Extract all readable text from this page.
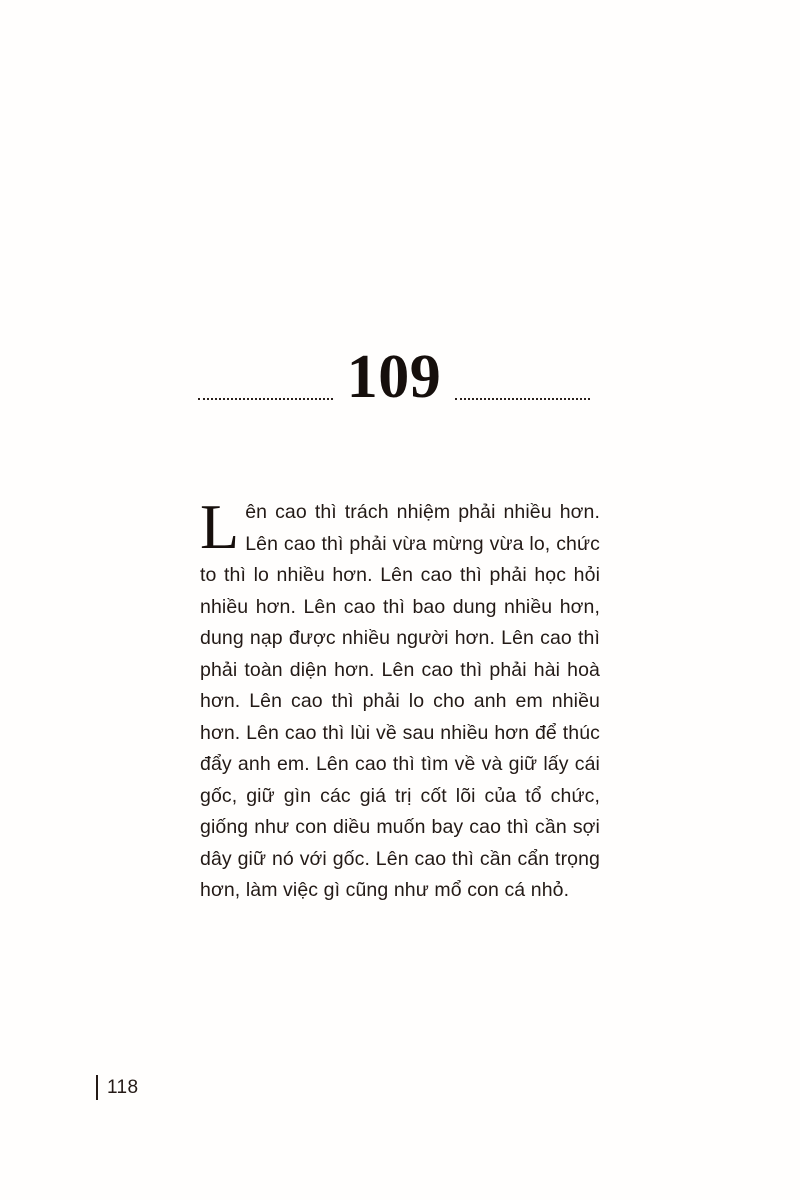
109
Lên cao thì trách nhiệm phải nhiều hơn. Lên cao thì phải vừa mừng vừa lo, chức to thì lo nhiều hơn. Lên cao thì phải học hỏi nhiều hơn. Lên cao thì bao dung nhiều hơn, dung nạp được nhiều người hơn. Lên cao thì phải toàn diện hơn. Lên cao thì phải hài hoà hơn. Lên cao thì phải lo cho anh em nhiều hơn. Lên cao thì lùi về sau nhiều hơn để thúc đẩy anh em. Lên cao thì tìm về và giữ lấy cái gốc, giữ gìn các giá trị cốt lõi của tổ chức, giống như con diều muốn bay cao thì cần sợi dây giữ nó với gốc. Lên cao thì cần cẩn trọng hơn, làm việc gì cũng như mổ con cá nhỏ.
118
